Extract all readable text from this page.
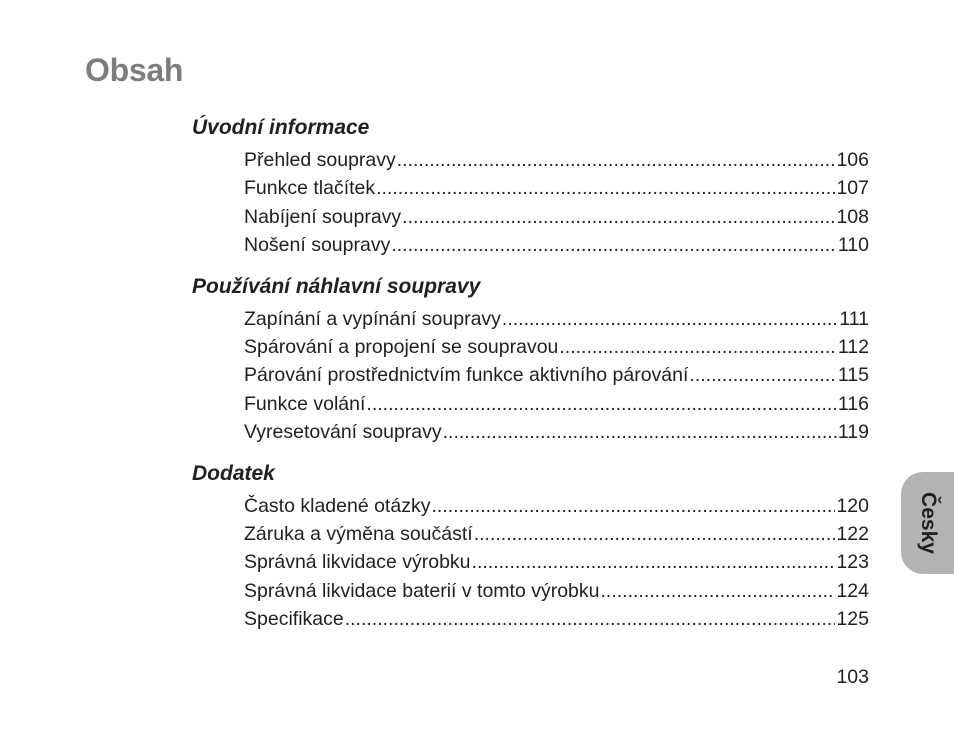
Obsah
Úvodní informace
Přehled soupravy .....	106
Funkce tlačítek .....	107
Nabíjení soupravy .....	108
Nošení soupravy .....	110
Používání náhlavní soupravy
Zapínání a vypínání soupravy .....	111
Spárování a propojení se soupravou .....	112
Párování prostřednictvím funkce aktivního párování .....	115
Funkce volání .....	116
Vyresetování soupravy .....	119
Dodatek
Často kladené otázky .....	120
Záruka a výměna součástí .....	122
Správná likvidace výrobku .....	123
Správná likvidace baterií v tomto výrobku .....	124
Specifikace .....	125
Česky
103
